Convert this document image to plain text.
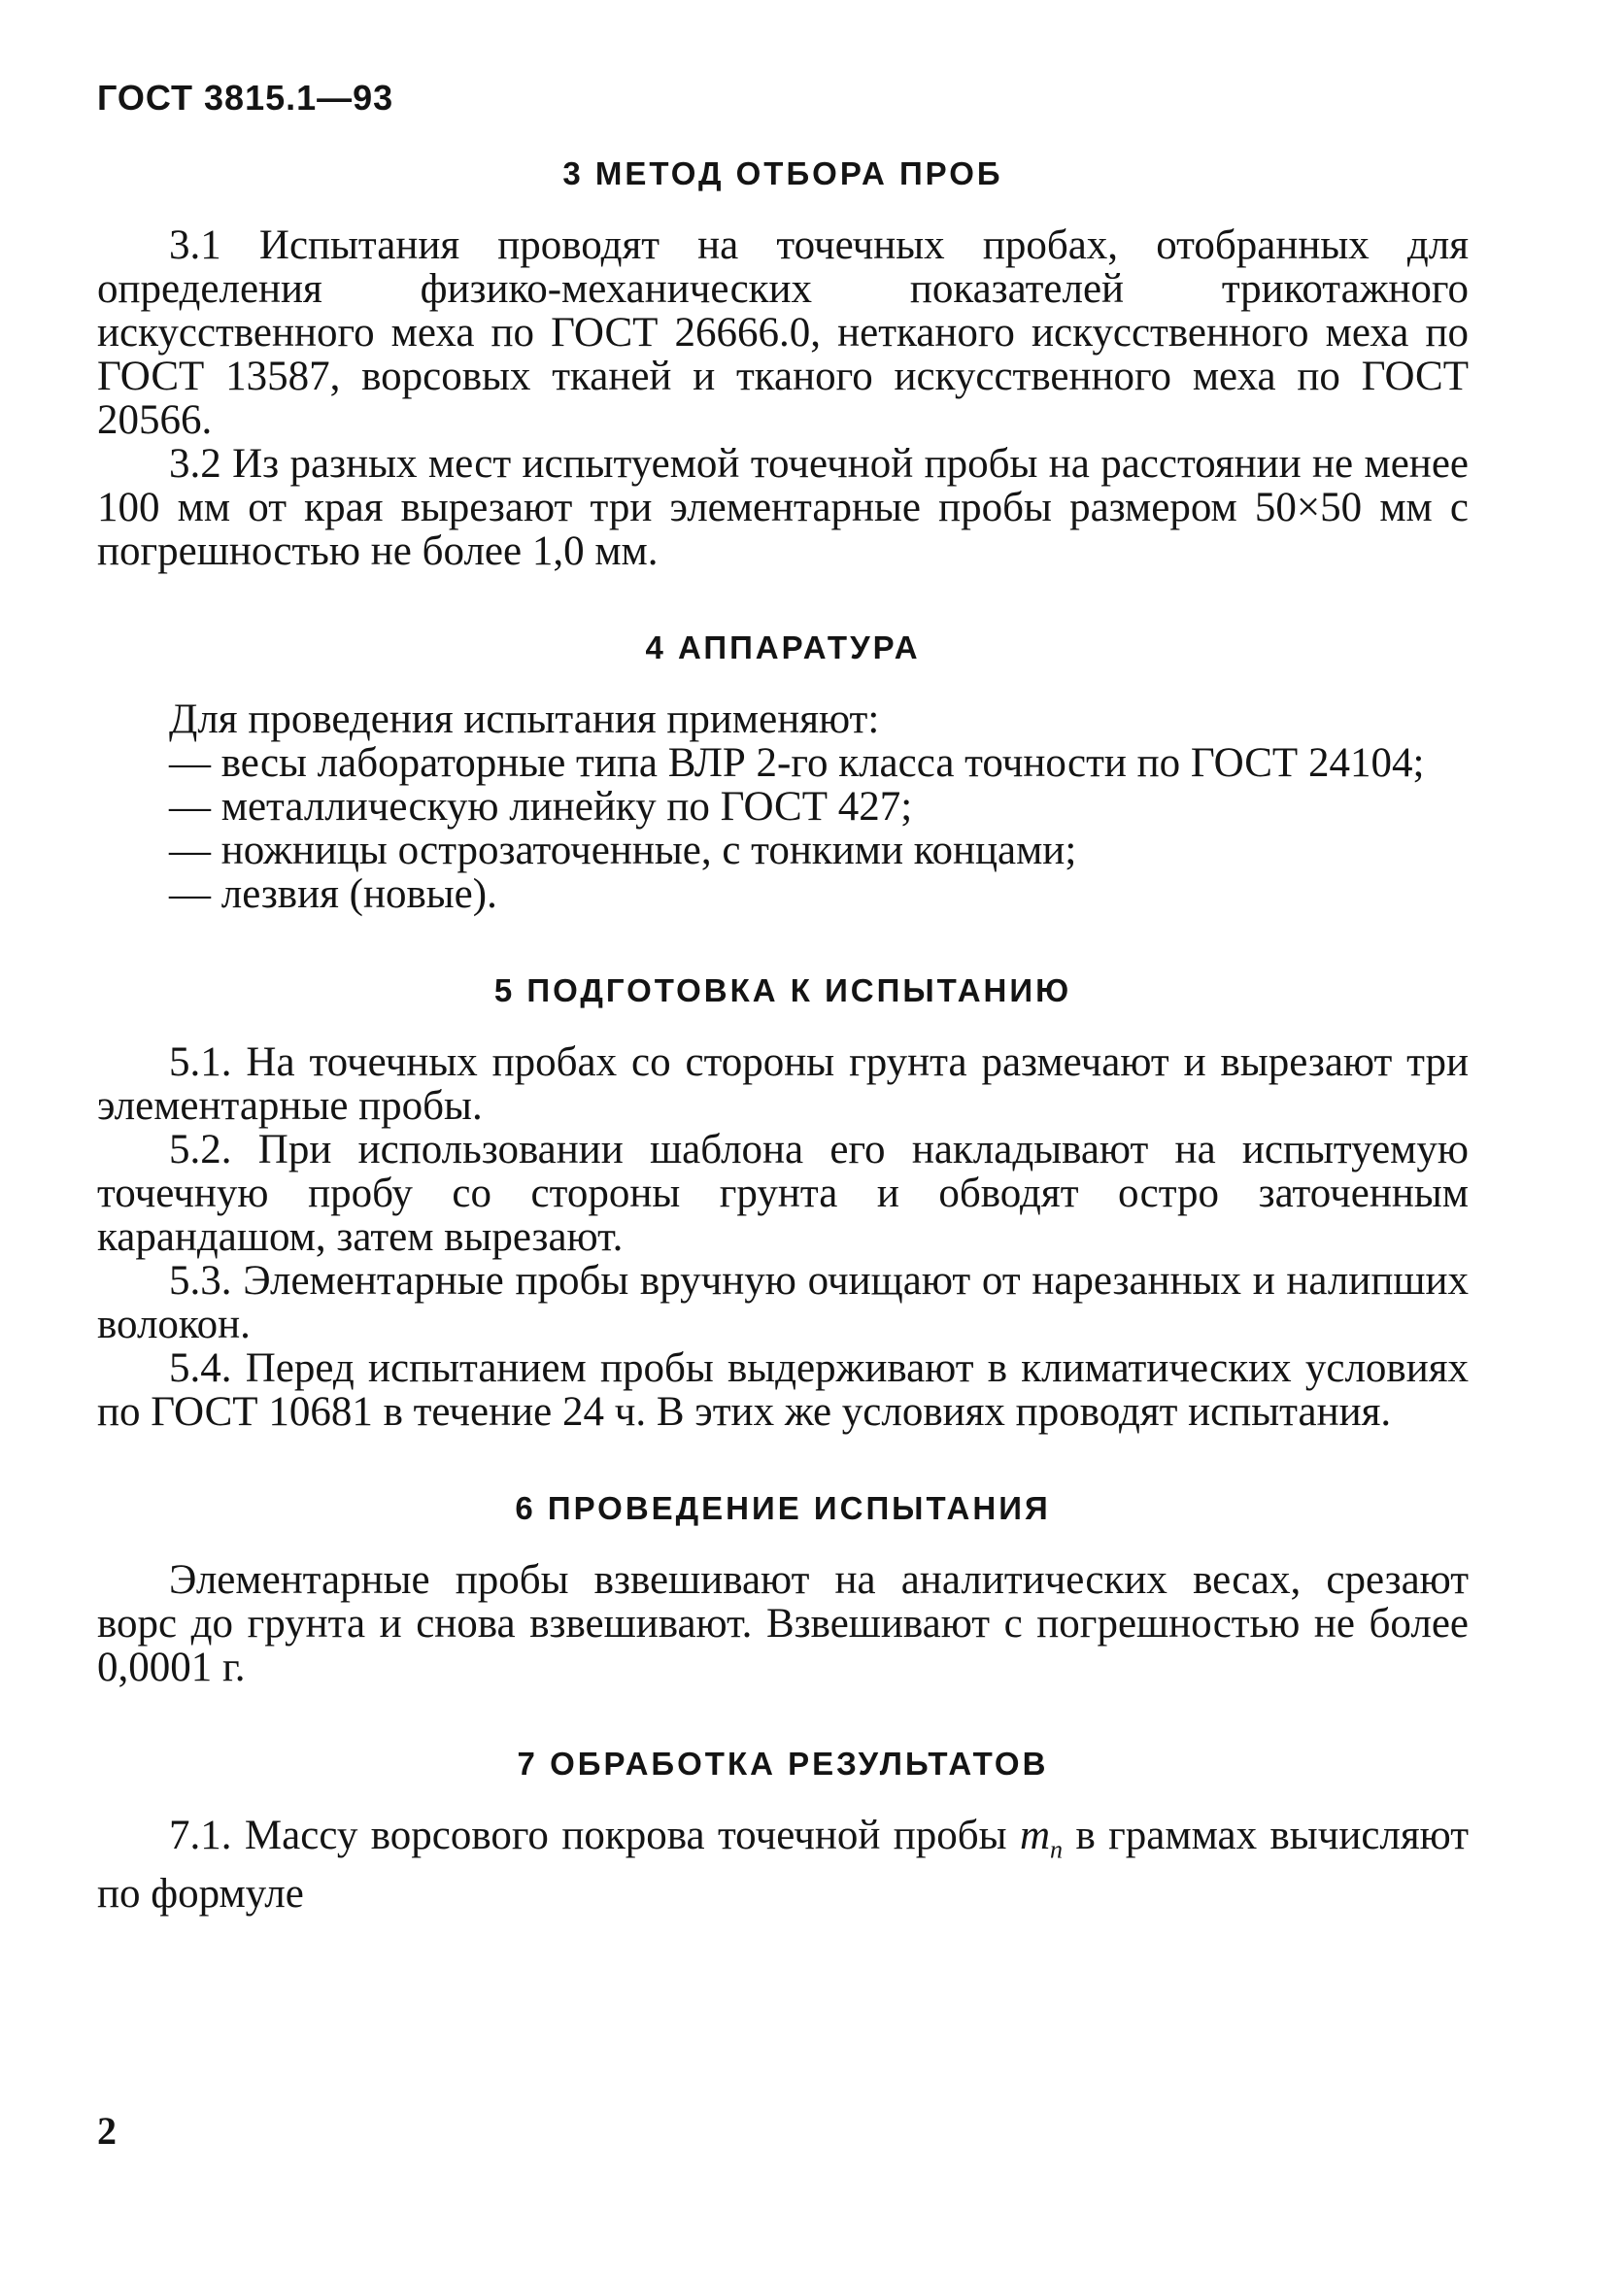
ГОСТ 3815.1—93
3 МЕТОД ОТБОРА ПРОБ

3.1 Испытания проводят на точечных пробах, отобранных для определения физико-механических показателей трикотажного искусственного меха по ГОСТ 26666.0, нетканого искусственного меха по ГОСТ 13587, ворсовых тканей и тканого искусственного меха по ГОСТ 20566.

3.2 Из разных мест испытуемой точечной пробы на расстоянии не менее 100 мм от края вырезают три элементарные пробы размером 50×50 мм с погрешностью не более 1,0 мм.

4 АППАРАТУРА

Для проведения испытания применяют:

— весы лабораторные типа ВЛР 2-го класса точности по ГОСТ 24104;
— металлическую линейку по ГОСТ 427;
— ножницы острозаточенные, с тонкими концами;
— лезвия (новые).
5 ПОДГОТОВКА К ИСПЫТАНИЮ

5.1. На точечных пробах со стороны грунта размечают и вырезают три элементарные пробы.

5.2. При использовании шаблона его накладывают на испытуемую точечную пробу со стороны грунта и обводят остро заточенным карандашом, затем вырезают.

5.3. Элементарные пробы вручную очищают от нарезанных и налипших волокон.

5.4. Перед испытанием пробы выдерживают в климатических условиях по ГОСТ 10681 в течение 24 ч. В этих же условиях проводят испытания.

6 ПРОВЕДЕНИЕ ИСПЫТАНИЯ

Элементарные пробы взвешивают на аналитических весах, срезают ворс до грунта и снова взвешивают. Взвешивают с погрешностью не более 0,0001 г.

7 ОБРАБОТКА РЕЗУЛЬТАТОВ

7.1. Массу ворсового покрова точечной пробы $m_п$ в граммах вычисляют по формуле

2
